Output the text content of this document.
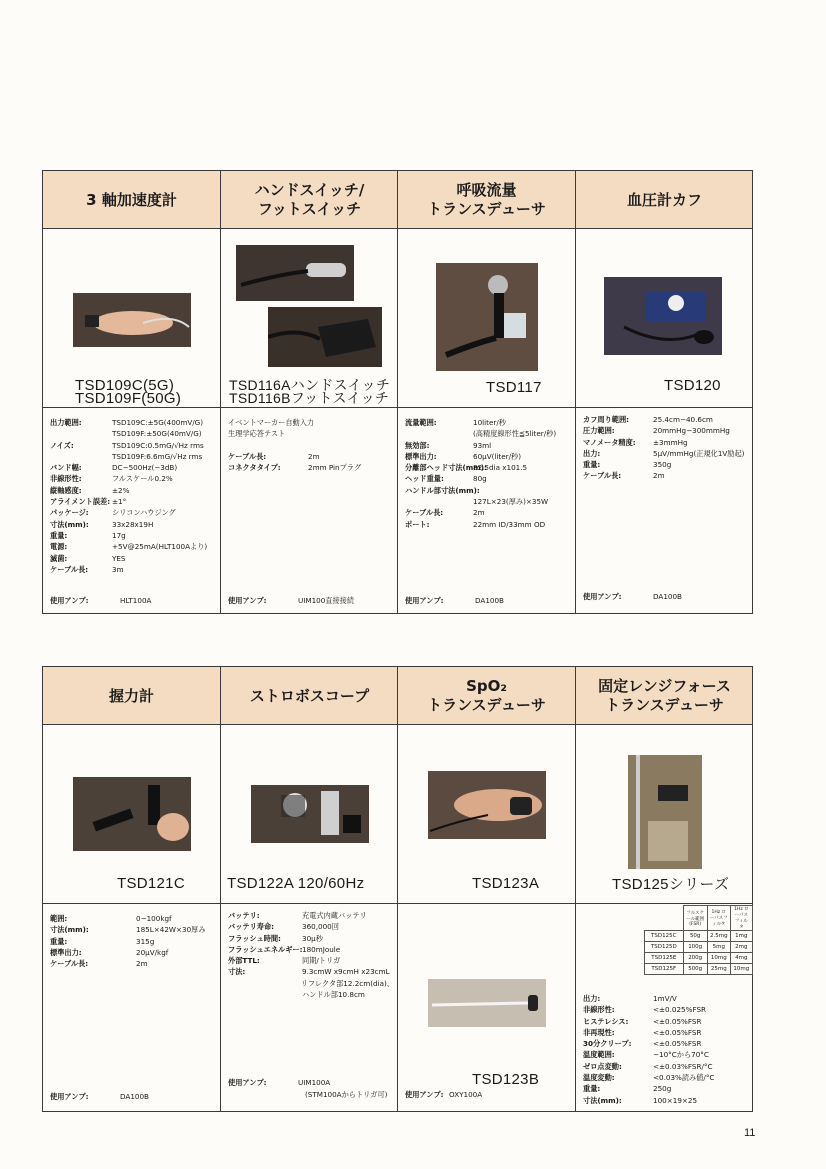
3 軸加速度計
TSD109C(5G)
TSD109F(50G)
出力範囲:	TSD109C:±5G(400mV/G)
TSD109F:±50G(40mV/G)
ノイズ:	TSD109C:0.5mG/√Hz rms
TSD109F:6.6mG/√Hz rms
バンド幅:	DC−500Hz(−3dB)
非線形性:	フルスケール0.2%
縦軸感度:	±2%
アライメント誤差: ±1°
パッケージ:	シリコンハウジング
寸法(mm):	33x28x19H
重量:	17g
電源:	+5V@25mA(HLT100Aより)
滅菌:	YES
ケーブル長:	3m
使用アンプ:	HLT100A
ハンドスイッチ/
フットスイッチ
TSD116Aハンドスイッチ
TSD116Bフットスイッチ
イベントマーカー自動入力
生理学応答テスト
ケーブル長:	2m
コネクタタイプ:	2mm Pinプラグ
使用アンプ:	UIM100直接接続
呼吸流量
トランスデューサ
TSD117
流量範囲:	10liter/秒
(高精度線形性≦5liter/秒)
無効部:	93ml
標準出力:	60μV(liter/秒)
分離部ヘッド寸法(mm):
82.5dia x101.5
ヘッド重量:	80g
ハンドル部寸法(mm):
127L×23(厚み)×35W
ケーブル長:	2m
ポート:	22mm ID/33mm OD
使用アンプ:	DA100B
血圧計カフ
TSD120
カフ周り範囲:	25.4cm−40.6cm
圧力範囲:	20mmHg−300mmHg
マノメータ精度:	±3mmHg
出力:	5μV/mmHg(正規化1V励起)
重量:	350g
ケーブル長:	2m
使用アンプ:	DA100B
握力計
TSD121C
範囲:	0−100kgf
寸法(mm):	185L×42W×30厚み
重量:	315g
標準出力:	20μV/kgf
ケーブル長:	2m
使用アンプ:	DA100B
ストロボスコープ
TSD122A 120/60Hz
バッテリ:	充電式内蔵バッテリ
バッテリ寿命:	360,000回
フラッシュ時間:	30μ秒
フラッシュエネルギー: 180mJoule
外部TTL:	同期/トリガ
寸法:	9.3cmW x9cmH x23cmL
リフレクタ部12.2cm(dia)、
ハンドル部10.8cm
使用アンプ:	UIM100A
(STM100Aからトリガ可)
SpO₂
トランスデューサ
TSD123A
TSD123B
使用アンプ: OXY100A
固定レンジフォース
トランスデューサ
TSD125シリーズ
	フルスケール範囲(FSR)	1Hz ローパスフィルタ	1Hz ローパスフィルタ
TSD125C	50g	2.5mg	1mg
TSD125D	100g	5mg	2mg
TSD125E	200g	10mg	4mg
TSD125F	500g	25mg	10mg
出力:	1mV/V
非線形性:	<±0.025%FSR
ヒステレシス:	<±0.05%FSR
非再現性:	<±0.05%FSR
30分クリープ:	<±0.05%FSR
温度範囲:	−10°Cから70°C
ゼロ点変動:	<±0.03%FSR/°C
温度変動:	<0.03%読み値/°C
重量:	250g
寸法(mm):	100×19×25
11
